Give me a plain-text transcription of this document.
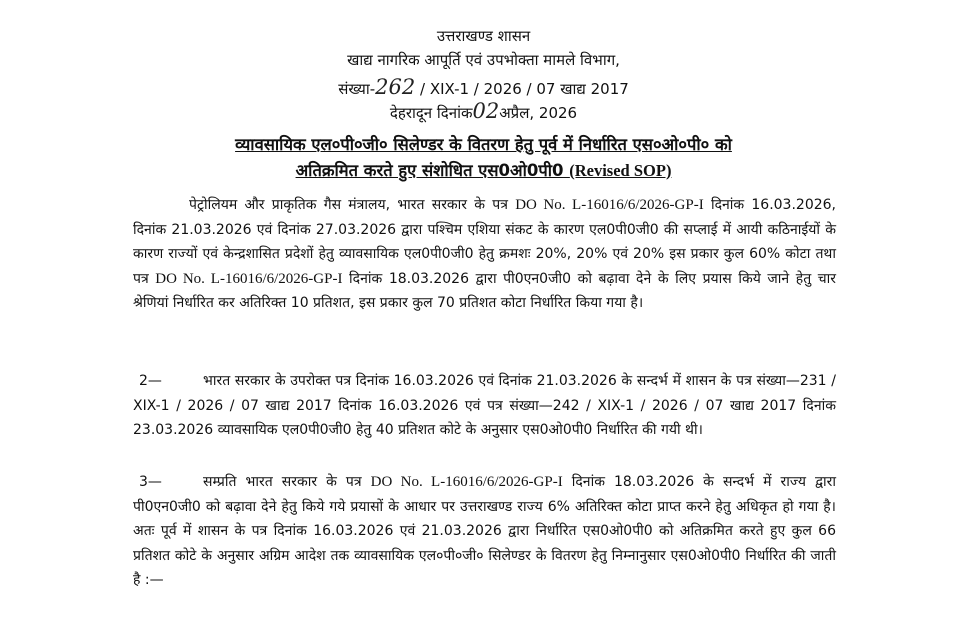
उत्तराखण्ड शासन
खाद्य नागरिक आपूर्ति एवं उपभोक्ता मामले विभाग,
संख्या-262 / XIX-1 / 2026 / 07 खाद्य 2017
देहरादून दिनांक02अप्रैल, 2026
व्यावसायिक एल०पी०जी० सिलेण्डर के वितरण हेतु पूर्व में निर्धारित एस०ओ०पी० को
अतिक्रमित करते हुए संशोधित एस0ओ0पी0 (Revised SOP)
पेट्रोलियम और प्राकृतिक गैस मंत्रालय, भारत सरकार के पत्र DO No. L-16016/6/2026-GP-I दिनांक 16.03.2026, दिनांक 21.03.2026 एवं दिनांक 27.03.2026 द्वारा पश्चिम एशिया संकट के कारण एल0पी0जी0 की सप्लाई में आयी कठिनाईयों के कारण राज्यों एवं केन्द्रशासित प्रदेशों हेतु व्यावसायिक एल0पी0जी0 हेतु क्रमशः 20%, 20% एवं 20% इस प्रकार कुल 60% कोटा तथा पत्र DO No. L-16016/6/2026-GP-I दिनांक 18.03.2026 द्वारा पी0एन0जी0 को बढ़ावा देने के लिए प्रयास किये जाने हेतु चार श्रेणियां निर्धारित कर अतिरिक्त 10 प्रतिशत, इस प्रकार कुल 70 प्रतिशत कोटा निर्धारित किया गया है।
2—	भारत सरकार के उपरोक्त पत्र दिनांक 16.03.2026 एवं दिनांक 21.03.2026 के सन्दर्भ में शासन के पत्र संख्या—231 / XIX-1 / 2026 / 07 खाद्य 2017 दिनांक 16.03.2026 एवं पत्र संख्या—242 / XIX-1 / 2026 / 07 खाद्य 2017 दिनांक 23.03.2026 व्यावसायिक एल0पी0जी0 हेतु 40 प्रतिशत कोटे के अनुसार एस0ओ0पी0 निर्धारित की गयी थी।
3—	सम्प्रति भारत सरकार के पत्र DO No. L-16016/6/2026-GP-I दिनांक 18.03.2026 के सन्दर्भ में राज्य द्वारा पी0एन0जी0 को बढ़ावा देने हेतु किये गये प्रयासों के आधार पर उत्तराखण्ड राज्य 6% अतिरिक्त कोटा प्राप्त करने हेतु अधिकृत हो गया है। अतः पूर्व में शासन के पत्र दिनांक 16.03.2026 एवं 21.03.2026 द्वारा निर्धारित एस0ओ0पी0 को अतिक्रमित करते हुए कुल 66 प्रतिशत कोटे के अनुसार अग्रिम आदेश तक व्यावसायिक एल०पी०जी० सिलेण्डर के वितरण हेतु निम्नानुसार एस0ओ0पी0 निर्धारित की जाती है :—
